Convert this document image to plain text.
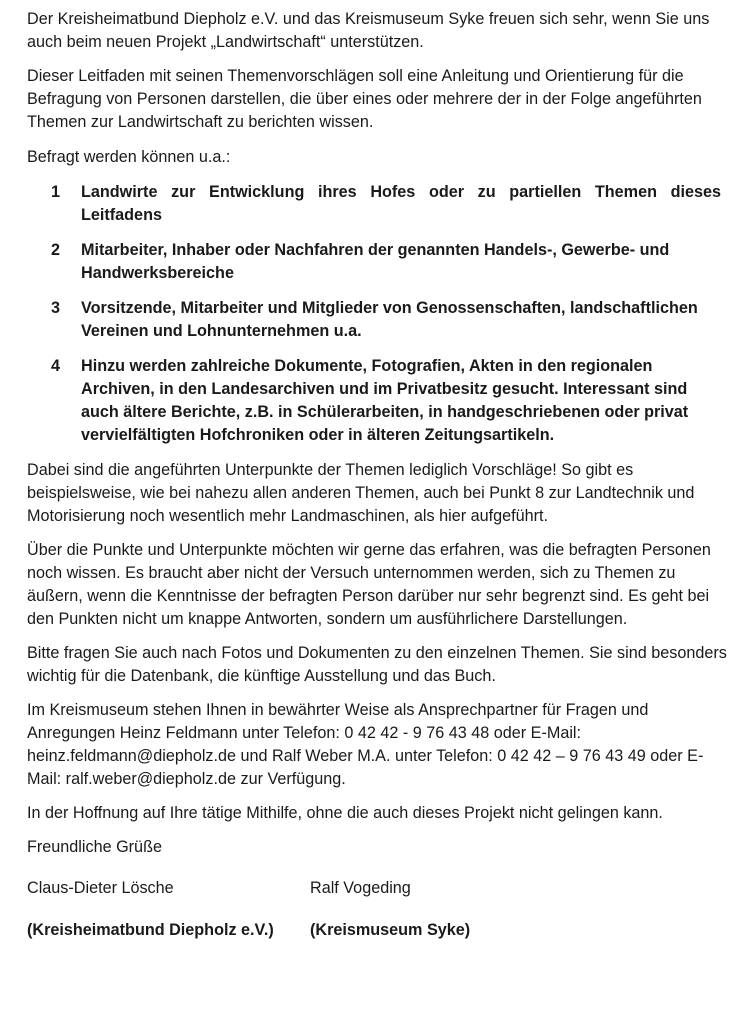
Der Kreisheimatbund Diepholz e.V. und das Kreismuseum Syke freuen sich sehr, wenn Sie uns auch beim neuen Projekt „Landwirtschaft“ unterstützen.

Dieser Leitfaden mit seinen Themenvorschlägen soll eine Anleitung und Orientierung für die Befragung von Personen darstellen, die über eines oder mehrere der in der Folge angeführten Themen zur Landwirtschaft zu berichten wissen.

Befragt werden können u.a.:

1	Landwirte zur Entwicklung ihres Hofes oder zu partiellen Themen dieses Leitfadens
2	Mitarbeiter, Inhaber oder Nachfahren der genannten Handels-, Gewerbe- und Handwerksbereiche
3	Vorsitzende, Mitarbeiter und Mitglieder von Genossenschaften, landschaftlichen Vereinen und Lohnunternehmen u.a.
4	Hinzu werden zahlreiche Dokumente, Fotografien, Akten in den regionalen Archiven, in den Landesarchiven und im Privatbesitz gesucht. Interessant sind auch ältere Berichte, z.B. in Schülerarbeiten, in handgeschriebenen oder privat vervielfältigten Hofchroniken oder in älteren Zeitungsartikeln.

Dabei sind die angeführten Unterpunkte der Themen lediglich Vorschläge! So gibt es beispielsweise, wie bei nahezu allen anderen Themen, auch bei Punkt 8 zur Landtechnik und Motorisierung noch wesentlich mehr Landmaschinen, als hier aufgeführt.

Über die Punkte und Unterpunkte möchten wir gerne das erfahren, was die befragten Personen noch wissen. Es braucht aber nicht der Versuch unternommen werden, sich zu Themen zu äußern, wenn die Kenntnisse der befragten Person darüber nur sehr begrenzt sind. Es geht bei den Punkten nicht um knappe Antworten, sondern um ausführlichere Darstellungen.

Bitte fragen Sie auch nach Fotos und Dokumenten zu den einzelnen Themen. Sie sind besonders wichtig für die Datenbank, die künftige Ausstellung und das Buch.

Im Kreismuseum stehen Ihnen in bewährter Weise als Ansprechpartner für Fragen und Anregungen Heinz Feldmann unter Telefon: 0 42 42 - 9 76 43 48 oder E-Mail: heinz.feldmann@diepholz.de und Ralf Weber M.A. unter Telefon: 0 42 42 – 9 76 43 49 oder E-Mail: ralf.weber@diepholz.de zur Verfügung.

In der Hoffnung auf Ihre tätige Mithilfe, ohne die auch dieses Projekt nicht gelingen kann.

Freundliche Grüße

Claus-Dieter Lösche	Ralf Vogeding
(Kreisheimatbund Diepholz e.V.)	(Kreismuseum Syke)
